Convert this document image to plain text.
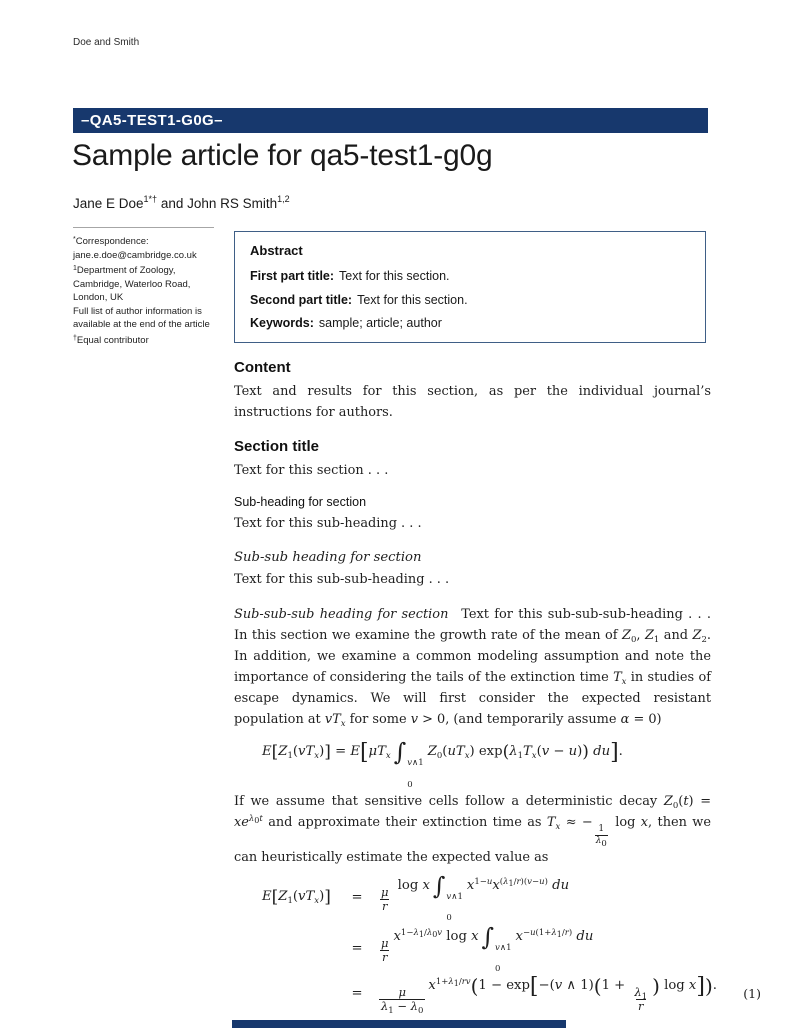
Doe and Smith
–QA5-TEST1-G0G–
Sample article for qa5-test1-g0g
Jane E Doe$^{1*\dagger}$ and John RS Smith$^{1,2}$
*Correspondence:
jane.e.doe@cambridge.co.uk
$^1$Department of Zoology,
Cambridge, Waterloo Road,
London, UK
Full list of author information is
available at the end of the article
†Equal contributor
Abstract
First part title: Text for this section.
Second part title: Text for this section.
Keywords: sample; article; author
Content

Text and results for this section, as per the individual journal’s instructions for authors.

Section title

Text for this section . . .

Sub-heading for section

Text for this sub-heading . . .

Sub-sub heading for section

Text for this sub-sub-heading . . .

Sub-sub-sub heading for section Text for this sub-sub-sub-heading . . . In this section we examine the growth rate of the mean of $Z_0$, $Z_1$ and $Z_2$. In addition, we examine a common modeling assumption and note the importance of considering the tails of the extinction time $T_x$ in studies of escape dynamics. We will first consider the expected resistant population at $vT_x$ for some v > 0, (and temporarily assume α = 0)

$E[Z_1(vT_x)] = E[\mu T_x$ ∫ v∧1
0
$Z_0(uT_x) \exp(\lambda_1T_x(v - u))$ du].

If we assume that sensitive cells follow a deterministic decay $Z_0(t) = xe^{\lambda_0t}$ and approximate their extinction time as $T_x$ ≈ −
$\frac{1}{\lambda_0}$
log x, then we can heuristically estimate the expected value as

$E[Z_1(vT_x)]$	= $\frac{\mu}{r}$
log x ∫ v∧1
0
$x^{1-u}x^{(\lambda_1/r)(v-u)}$ du
= $\frac{\mu}{r}$
$x^{1-\lambda_1/\lambda_0v}$ log x ∫ v∧1
0
$x^{-u(1+\lambda_1/r)}$ du
= $\frac{\mu}{\lambda_1 - \lambda_0}$
$x^{1+\lambda_1/rv}(1 - \exp[-(v$ ∧ 1)(1 +
$\frac{\lambda_1}{r}$ ) log x]).
(1)
